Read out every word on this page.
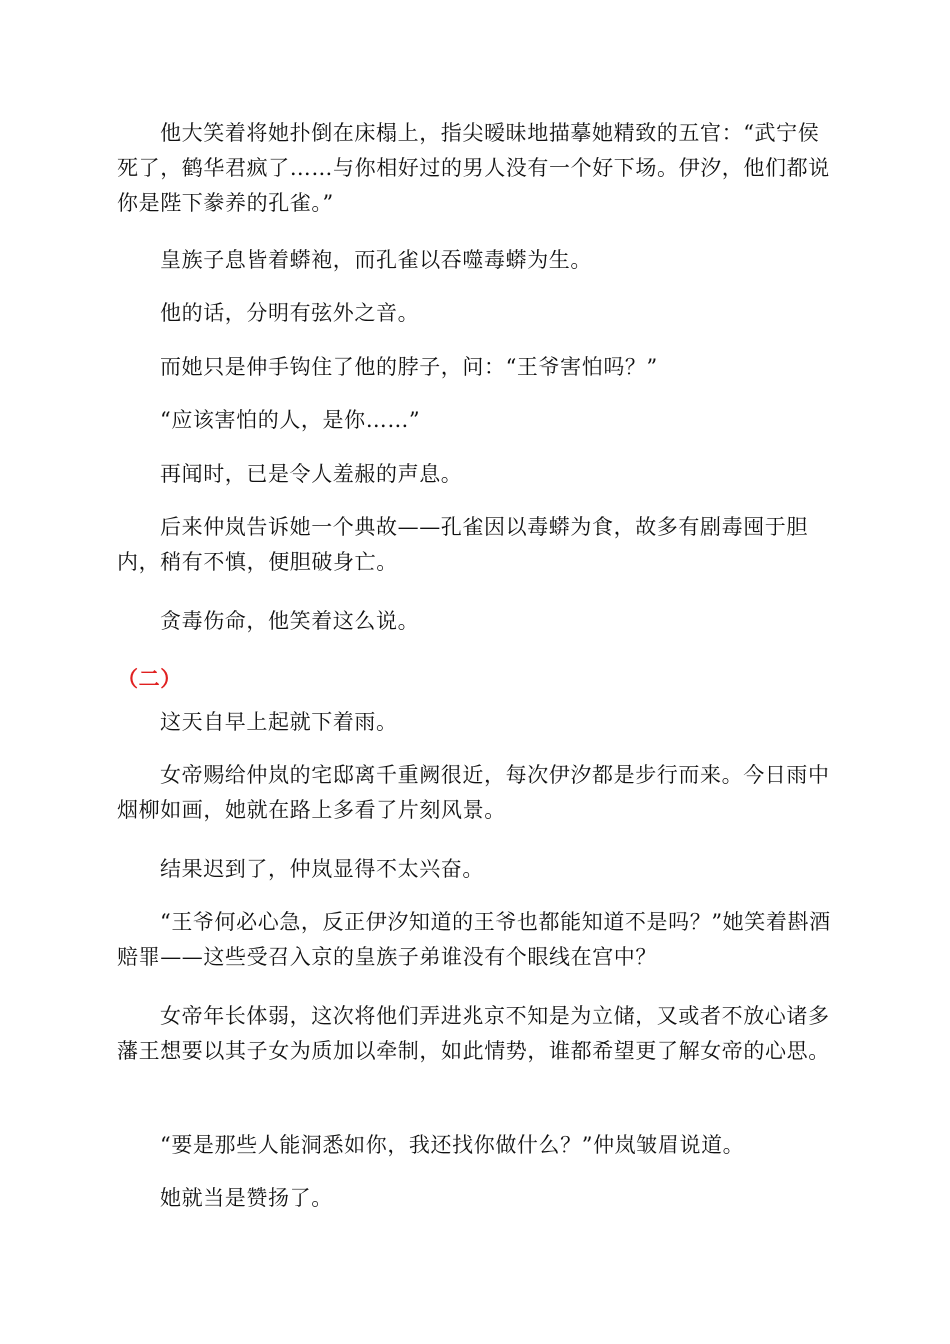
他大笑着将她扑倒在床榻上，指尖暧昧地描摹她精致的五官：“武宁侯死了，鹤华君疯了……与你相好过的男人没有一个好下场。伊汐，他们都说你是陛下豢养的孔雀。”

皇族子息皆着蟒袍，而孔雀以吞噬毒蟒为生。

他的话，分明有弦外之音。

而她只是伸手钩住了他的脖子，问：“王爷害怕吗？”

“应该害怕的人，是你……”

再闻时，已是令人羞赧的声息。

后来仲岚告诉她一个典故——孔雀因以毒蟒为食，故多有剧毒囤于胆内，稍有不慎，便胆破身亡。

贪毒伤命，他笑着这么说。

（二）

这天自早上起就下着雨。

女帝赐给仲岚的宅邸离千重阙很近，每次伊汐都是步行而来。今日雨中烟柳如画，她就在路上多看了片刻风景。

结果迟到了，仲岚显得不太兴奋。

“王爷何必心急，反正伊汐知道的王爷也都能知道不是吗？”她笑着斟酒赔罪——这些受召入京的皇族子弟谁没有个眼线在宫中？

女帝年长体弱，这次将他们弄进兆京不知是为立储，又或者不放心诸多藩王想要以其子女为质加以牵制，如此情势，谁都希望更了解女帝的心思。

“要是那些人能洞悉如你，我还找你做什么？”仲岚皱眉说道。

她就当是赞扬了。
